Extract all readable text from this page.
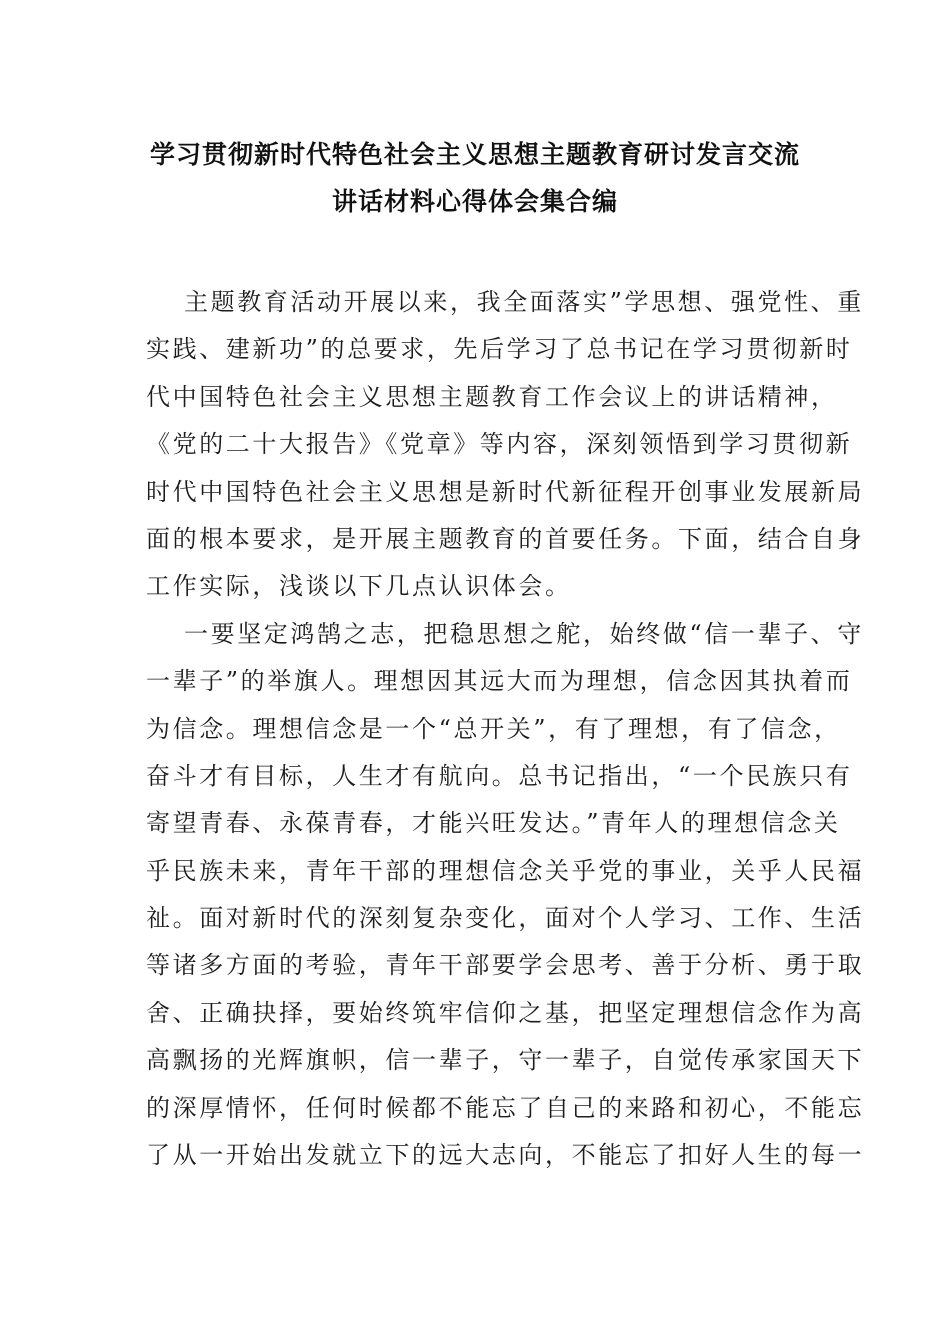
学习贯彻新时代特色社会主义思想主题教育研讨发言交流
讲话材料心得体会集合编
主题教育活动开展以来，我全面落实”学思想、强党性、重
实践、建新功”的总要求，先后学习了总书记在学习贯彻新时
代中国特色社会主义思想主题教育工作会议上的讲话精神，
《党的二十大报告》《党章》等内容，深刻领悟到学习贯彻新
时代中国特色社会主义思想是新时代新征程开创事业发展新局
面的根本要求，是开展主题教育的首要任务。下面，结合自身
工作实际，浅谈以下几点认识体会。
一要坚定鸿鹄之志，把稳思想之舵，始终做“信一辈子、守
一辈子”的举旗人。理想因其远大而为理想，信念因其执着而
为信念。理想信念是一个“总开关”，有了理想，有了信念，
奋斗才有目标，人生才有航向。总书记指出，“一个民族只有
寄望青春、永葆青春，才能兴旺发达。”青年人的理想信念关
乎民族未来，青年干部的理想信念关乎党的事业，关乎人民福
祉。面对新时代的深刻复杂变化，面对个人学习、工作、生活
等诸多方面的考验，青年干部要学会思考、善于分析、勇于取
舍、正确抉择，要始终筑牢信仰之基，把坚定理想信念作为高
高飘扬的光辉旗帜，信一辈子，守一辈子，自觉传承家国天下
的深厚情怀，任何时候都不能忘了自己的来路和初心，不能忘
了从一开始出发就立下的远大志向，不能忘了扣好人生的每一
